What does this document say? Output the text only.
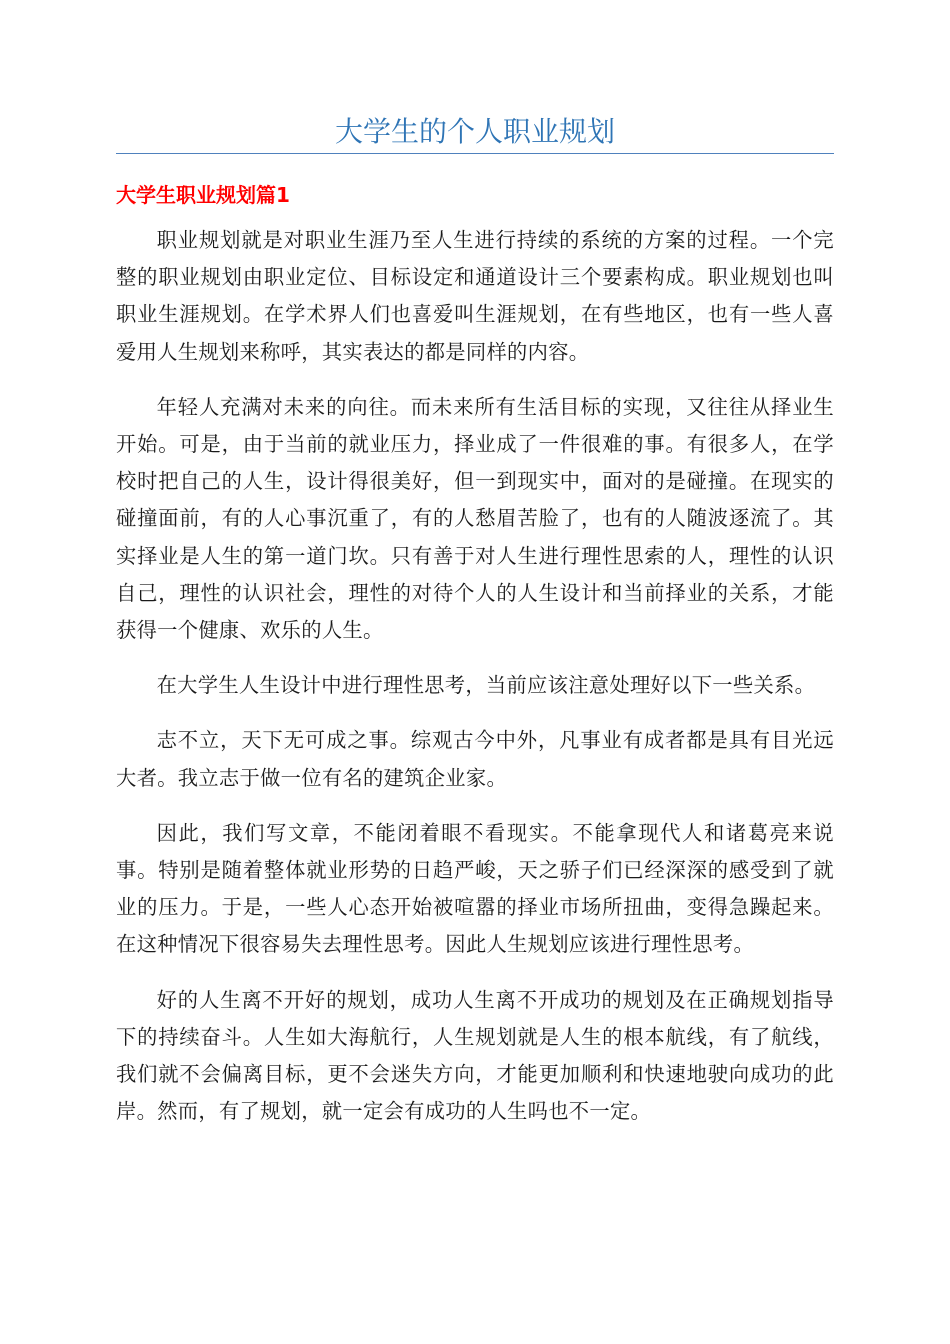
大学生的个人职业规划
大学生职业规划篇1

职业规划就是对职业生涯乃至人生进行持续的系统的方案的过程。一个完整的职业规划由职业定位、目标设定和通道设计三个要素构成。职业规划也叫职业生涯规划。在学术界人们也喜爱叫生涯规划，在有些地区，也有一些人喜爱用人生规划来称呼，其实表达的都是同样的内容。

年轻人充满对未来的向往。而未来所有生活目标的实现，又往往从择业生开始。可是，由于当前的就业压力，择业成了一件很难的事。有很多人，在学校时把自己的人生，设计得很美好，但一到现实中，面对的是碰撞。在现实的碰撞面前，有的人心事沉重了，有的人愁眉苦脸了，也有的人随波逐流了。其实择业是人生的第一道门坎。只有善于对人生进行理性思索的人，理性的认识自己，理性的认识社会，理性的对待个人的人生设计和当前择业的关系，才能获得一个健康、欢乐的人生。

在大学生人生设计中进行理性思考，当前应该注意处理好以下一些关系。

志不立，天下无可成之事。综观古今中外，凡事业有成者都是具有目光远大者。我立志于做一位有名的建筑企业家。

因此，我们写文章，不能闭着眼不看现实。不能拿现代人和诸葛亮来说事。特别是随着整体就业形势的日趋严峻，天之骄子们已经深深的感受到了就业的压力。于是，一些人心态开始被喧嚣的择业市场所扭曲，变得急躁起来。在这种情况下很容易失去理性思考。因此人生规划应该进行理性思考。

好的人生离不开好的规划，成功人生离不开成功的规划及在正确规划指导下的持续奋斗。人生如大海航行，人生规划就是人生的根本航线，有了航线，我们就不会偏离目标，更不会迷失方向，才能更加顺利和快速地驶向成功的此岸。然而，有了规划，就一定会有成功的人生吗也不一定。
